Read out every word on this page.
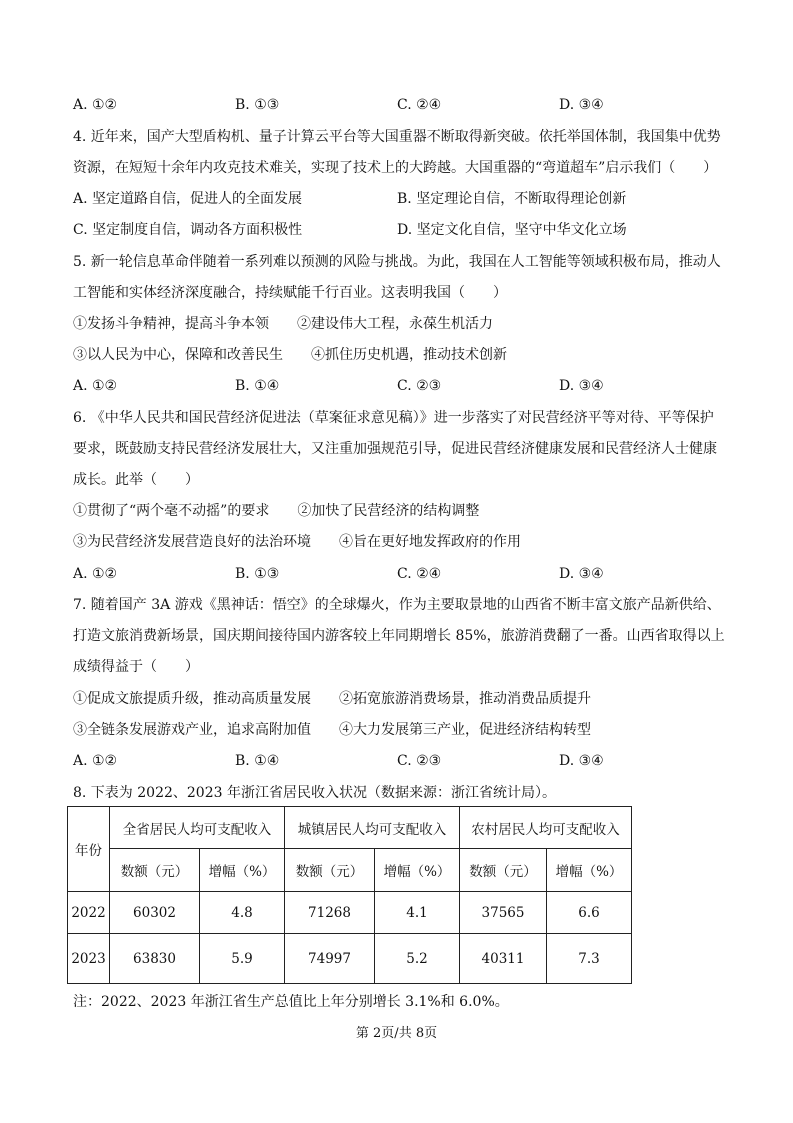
A. ①②	B. ①③	C. ②④	D. ③④
4. 近年来，国产大型盾构机、量子计算云平台等大国重器不断取得新突破。依托举国体制，我国集中优势
资源，在短短十余年内攻克技术难关，实现了技术上的大跨越。大国重器的“弯道超车”启示我们（　　）
A. 坚定道路自信，促进人的全面发展	B. 坚定理论自信，不断取得理论创新
C. 坚定制度自信，调动各方面积极性	D. 坚定文化自信，坚守中华文化立场
5. 新一轮信息革命伴随着一系列难以预测的风险与挑战。为此，我国在人工智能等领域积极布局，推动人
工智能和实体经济深度融合，持续赋能千行百业。这表明我国（　　）
①发扬斗争精神，提高斗争本领　　②建设伟大工程，永葆生机活力
③以人民为中心，保障和改善民生　　④抓住历史机遇，推动技术创新
A. ①②	B. ①④	C. ②③	D. ③④
6. 《中华人民共和国民营经济促进法（草案征求意见稿）》进一步落实了对民营经济平等对待、平等保护
要求，既鼓励支持民营经济发展壮大，又注重加强规范引导，促进民营经济健康发展和民营经济人士健康
成长。此举（　　）
①贯彻了“两个毫不动摇”的要求　　②加快了民营经济的结构调整
③为民营经济发展营造良好的法治环境　　④旨在更好地发挥政府的作用
A. ①②	B. ①③	C. ②④	D. ③④
7. 随着国产 3A 游戏《黑神话：悟空》的全球爆火，作为主要取景地的山西省不断丰富文旅产品新供给、
打造文旅消费新场景，国庆期间接待国内游客较上年同期增长 85%，旅游消费翻了一番。山西省取得以上
成绩得益于（　　）
①促成文旅提质升级，推动高质量发展　　②拓宽旅游消费场景，推动消费品质提升
③全链条发展游戏产业，追求高附加值　　④大力发展第三产业，促进经济结构转型
A. ①②	B. ①④	C. ②③	D. ③④
8. 下表为 2022、2023 年浙江省居民收入状况（数据来源：浙江省统计局）。
年份	全省居民人均可支配收入		城镇居民人均可支配收入		农村居民人均可支配收入	
	数额（元）	增幅（%）	数额（元）	增幅（%）	数额（元）	增幅（%）
2022	60302	4.8	71268	4.1	37565	6.6
2023	63830	5.9	74997	5.2	40311	7.3
注：2022、2023 年浙江省生产总值比上年分别增长 3.1%和 6.0%。
第 2页/共 8页
